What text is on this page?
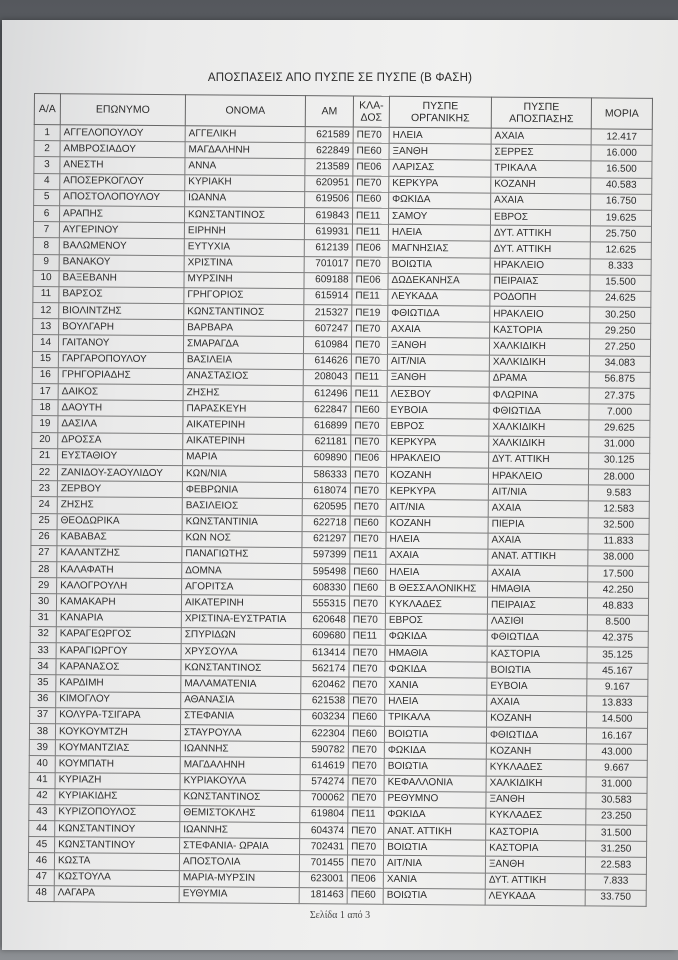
ΑΠΟΣΠΑΣΕΙΣ ΑΠΟ ΠΥΣΠΕ ΣΕ ΠΥΣΠΕ (Β ΦΑΣΗ)
Α/Α	ΕΠΩΝΥΜΟ	ΟΝΟΜΑ	ΑΜ	ΚΛΑ-ΔΟΣ	ΠΥΣΠΕ ΟΡΓΑΝΙΚΗΣ	ΠΥΣΠΕ ΑΠΟΣΠΑΣΗΣ	ΜΟΡΙΑ
1	ΑΓΓΕΛΟΠΟΥΛΟΥ	ΑΓΓΕΛΙΚΗ	621589	ΠΕ70	ΗΛΕΙΑ	ΑΧΑΙΑ	12.417
2	ΑΜΒΡΟΣΙΑΔΟΥ	ΜΑΓΔΑΛΗΝΗ	622849	ΠΕ60	ΞΑΝΘΗ	ΣΕΡΡΕΣ	16.000
3	ΑΝΕΣΤΗ	ΑΝΝΑ	213589	ΠΕ06	ΛΑΡΙΣΑΣ	ΤΡΙΚΑΛΑ	16.500
4	ΑΠΟΣΕΡΚΟΓΛΟΥ	ΚΥΡΙΑΚΗ	620951	ΠΕ70	ΚΕΡΚΥΡΑ	ΚΟΖΑΝΗ	40.583
5	ΑΠΟΣΤΟΛΟΠΟΥΛΟΥ	ΙΩΑΝΝΑ	619506	ΠΕ60	ΦΩΚΙΔΑ	ΑΧΑΙΑ	16.750
6	ΑΡΑΠΗΣ	ΚΩΝΣΤΑΝΤΙΝΟΣ	619843	ΠΕ11	ΣΑΜΟΥ	ΕΒΡΟΣ	19.625
7	ΑΥΓΕΡΙΝΟΥ	ΕΙΡΗΝΗ	619931	ΠΕ11	ΗΛΕΙΑ	ΔΥΤ. ΑΤΤΙΚΗ	25.750
8	ΒΑΛΩΜΕΝΟΥ	ΕΥΤΥΧΙΑ	612139	ΠΕ06	ΜΑΓΝΗΣΙΑΣ	ΔΥΤ. ΑΤΤΙΚΗ	12.625
9	ΒΑΝΑΚΟΥ	ΧΡΙΣΤΙΝΑ	701017	ΠΕ70	ΒΟΙΩΤΙΑ	ΗΡΑΚΛΕΙΟ	8.333
10	ΒΑΞΕΒΑΝΗ	ΜΥΡΣΙΝΗ	609188	ΠΕ06	ΔΩΔΕΚΑΝΗΣΑ	ΠΕΙΡΑΙΑΣ	15.500
11	ΒΑΡΣΟΣ	ΓΡΗΓΟΡΙΟΣ	615914	ΠΕ11	ΛΕΥΚΑΔΑ	ΡΟΔΟΠΗ	24.625
12	ΒΙΟΛΙΝΤΖΗΣ	ΚΩΝΣΤΑΝΤΙΝΟΣ	215327	ΠΕ19	ΦΘΙΩΤΙΔΑ	ΗΡΑΚΛΕΙΟ	30.250
13	ΒΟΥΛΓΑΡΗ	ΒΑΡΒΑΡΑ	607247	ΠΕ70	ΑΧΑΙΑ	ΚΑΣΤΟΡΙΑ	29.250
14	ΓΑΙΤΑΝΟΥ	ΣΜΑΡΑΓΔΑ	610984	ΠΕ70	ΞΑΝΘΗ	ΧΑΛΚΙΔΙΚΗ	27.250
15	ΓΑΡΓΑΡΟΠΟΥΛΟΥ	ΒΑΣΙΛΕΙΑ	614626	ΠΕ70	ΑΙΤ/ΝΙΑ	ΧΑΛΚΙΔΙΚΗ	34.083
16	ΓΡΗΓΟΡΙΑΔΗΣ	ΑΝΑΣΤΑΣΙΟΣ	208043	ΠΕ11	ΞΑΝΘΗ	ΔΡΑΜΑ	56.875
17	ΔΑΙΚΟΣ	ΖΗΣΗΣ	612496	ΠΕ11	ΛΕΣΒΟΥ	ΦΛΩΡΙΝΑ	27.375
18	ΔΑΟΥΤΗ	ΠΑΡΑΣΚΕΥΗ	622847	ΠΕ60	ΕΥΒΟΙΑ	ΦΘΙΩΤΙΔΑ	7.000
19	ΔΑΣΙΛΑ	ΑΙΚΑΤΕΡΙΝΗ	616899	ΠΕ70	ΕΒΡΟΣ	ΧΑΛΚΙΔΙΚΗ	29.625
20	ΔΡΟΣΣΑ	ΑΙΚΑΤΕΡΙΝΗ	621181	ΠΕ70	ΚΕΡΚΥΡΑ	ΧΑΛΚΙΔΙΚΗ	31.000
21	ΕΥΣΤΑΘΙΟΥ	ΜΑΡΙΑ	609890	ΠΕ06	ΗΡΑΚΛΕΙΟ	ΔΥΤ. ΑΤΤΙΚΗ	30.125
22	ΖΑΝΙΔΟΥ-ΣΑΟΥΛΙΔΟΥ	ΚΩΝ/ΝΙΑ	586333	ΠΕ70	ΚΟΖΑΝΗ	ΗΡΑΚΛΕΙΟ	28.000
23	ΖΕΡΒΟΥ	ΦΕΒΡΩΝΙΑ	618074	ΠΕ70	ΚΕΡΚΥΡΑ	ΑΙΤ/ΝΙΑ	9.583
24	ΖΗΣΗΣ	ΒΑΣΙΛΕΙΟΣ	620595	ΠΕ70	ΑΙΤ/ΝΙΑ	ΑΧΑΙΑ	12.583
25	ΘΕΟΔΩΡΙΚΑ	ΚΩΝΣΤΑΝΤΙΝΙΑ	622718	ΠΕ60	ΚΟΖΑΝΗ	ΠΙΕΡΙΑ	32.500
26	ΚΑΒΑΒΑΣ	ΚΩΝ ΝΟΣ	621297	ΠΕ70	ΗΛΕΙΑ	ΑΧΑΙΑ	11.833
27	ΚΑΛΑΝΤΖΗΣ	ΠΑΝΑΓΙΩΤΗΣ	597399	ΠΕ11	ΑΧΑΙΑ	ΑΝΑΤ. ΑΤΤΙΚΗ	38.000
28	ΚΑΛΑΦΑΤΗ	ΔΟΜΝΑ	595498	ΠΕ60	ΗΛΕΙΑ	ΑΧΑΙΑ	17.500
29	ΚΑΛΟΓΡΟΥΛΗ	ΑΓΟΡΙΤΣΑ	608330	ΠΕ60	Β ΘΕΣΣΑΛΟΝΙΚΗΣ	ΗΜΑΘΙΑ	42.250
30	ΚΑΜΑΚΑΡΗ	ΑΙΚΑΤΕΡΙΝΗ	555315	ΠΕ70	ΚΥΚΛΑΔΕΣ	ΠΕΙΡΑΙΑΣ	48.833
31	ΚΑΝΑΡΙΑ	ΧΡΙΣΤΙΝΑ-ΕΥΣΤΡΑΤΙΑ	620648	ΠΕ70	ΕΒΡΟΣ	ΛΑΣΙΘΙ	8.500
32	ΚΑΡΑΓΕΩΡΓΟΣ	ΣΠΥΡΙΔΩΝ	609680	ΠΕ11	ΦΩΚΙΔΑ	ΦΘΙΩΤΙΔΑ	42.375
33	ΚΑΡΑΓΙΩΡΓΟΥ	ΧΡΥΣΟΥΛΑ	613414	ΠΕ70	ΗΜΑΘΙΑ	ΚΑΣΤΟΡΙΑ	35.125
34	ΚΑΡΑΝΑΣΟΣ	ΚΩΝΣΤΑΝΤΙΝΟΣ	562174	ΠΕ70	ΦΩΚΙΔΑ	ΒΟΙΩΤΙΑ	45.167
35	ΚΑΡΔΙΜΗ	ΜΑΛΑΜΑΤΕΝΙΑ	620462	ΠΕ70	ΧΑΝΙΑ	ΕΥΒΟΙΑ	9.167
36	ΚΙΜΟΓΛΟΥ	ΑΘΑΝΑΣΙΑ	621538	ΠΕ70	ΗΛΕΙΑ	ΑΧΑΙΑ	13.833
37	ΚΟΛΥΡΑ-ΤΣΙΓΑΡΑ	ΣΤΕΦΑΝΙΑ	603234	ΠΕ60	ΤΡΙΚΑΛΑ	ΚΟΖΑΝΗ	14.500
38	ΚΟΥΚΟΥΜΤΖΗ	ΣΤΑΥΡΟΥΛΑ	622304	ΠΕ60	ΒΟΙΩΤΙΑ	ΦΘΙΩΤΙΔΑ	16.167
39	ΚΟΥΜΑΝΤΖΙΑΣ	ΙΩΑΝΝΗΣ	590782	ΠΕ70	ΦΩΚΙΔΑ	ΚΟΖΑΝΗ	43.000
40	ΚΟΥΜΠΑΤΗ	ΜΑΓΔΑΛΗΝΗ	614619	ΠΕ70	ΒΟΙΩΤΙΑ	ΚΥΚΛΑΔΕΣ	9.667
41	ΚΥΡΙΑΖΗ	ΚΥΡΙΑΚΟΥΛΑ	574274	ΠΕ70	ΚΕΦΑΛΛΟΝΙΑ	ΧΑΛΚΙΔΙΚΗ	31.000
42	ΚΥΡΙΑΚΙΔΗΣ	ΚΩΝΣΤΑΝΤΙΝΟΣ	700062	ΠΕ70	ΡΕΘΥΜΝΟ	ΞΑΝΘΗ	30.583
43	ΚΥΡΙΖΟΠΟΥΛΟΣ	ΘΕΜΙΣΤΟΚΛΗΣ	619804	ΠΕ11	ΦΩΚΙΔΑ	ΚΥΚΛΑΔΕΣ	23.250
44	ΚΩΝΣΤΑΝΤΙΝΟΥ	ΙΩΑΝΝΗΣ	604374	ΠΕ70	ΑΝΑΤ. ΑΤΤΙΚΗ	ΚΑΣΤΟΡΙΑ	31.500
45	ΚΩΝΣΤΑΝΤΙΝΟΥ	ΣΤΕΦΑΝΙΑ- ΩΡΑΙΑ	702431	ΠΕ70	ΒΟΙΩΤΙΑ	ΚΑΣΤΟΡΙΑ	31.250
46	ΚΩΣΤΑ	ΑΠΟΣΤΟΛΙΑ	701455	ΠΕ70	ΑΙΤ/ΝΙΑ	ΞΑΝΘΗ	22.583
47	ΚΩΣΤΟΥΛΑ	ΜΑΡΙΑ-ΜΥΡΣΙΝ	623001	ΠΕ06	ΧΑΝΙΑ	ΔΥΤ. ΑΤΤΙΚΗ	7.833
48	ΛΑΓΑΡΑ	ΕΥΘΥΜΙΑ	181463	ΠΕ60	ΒΟΙΩΤΙΑ	ΛΕΥΚΑΔΑ	33.750
Σελίδα 1 από 3
